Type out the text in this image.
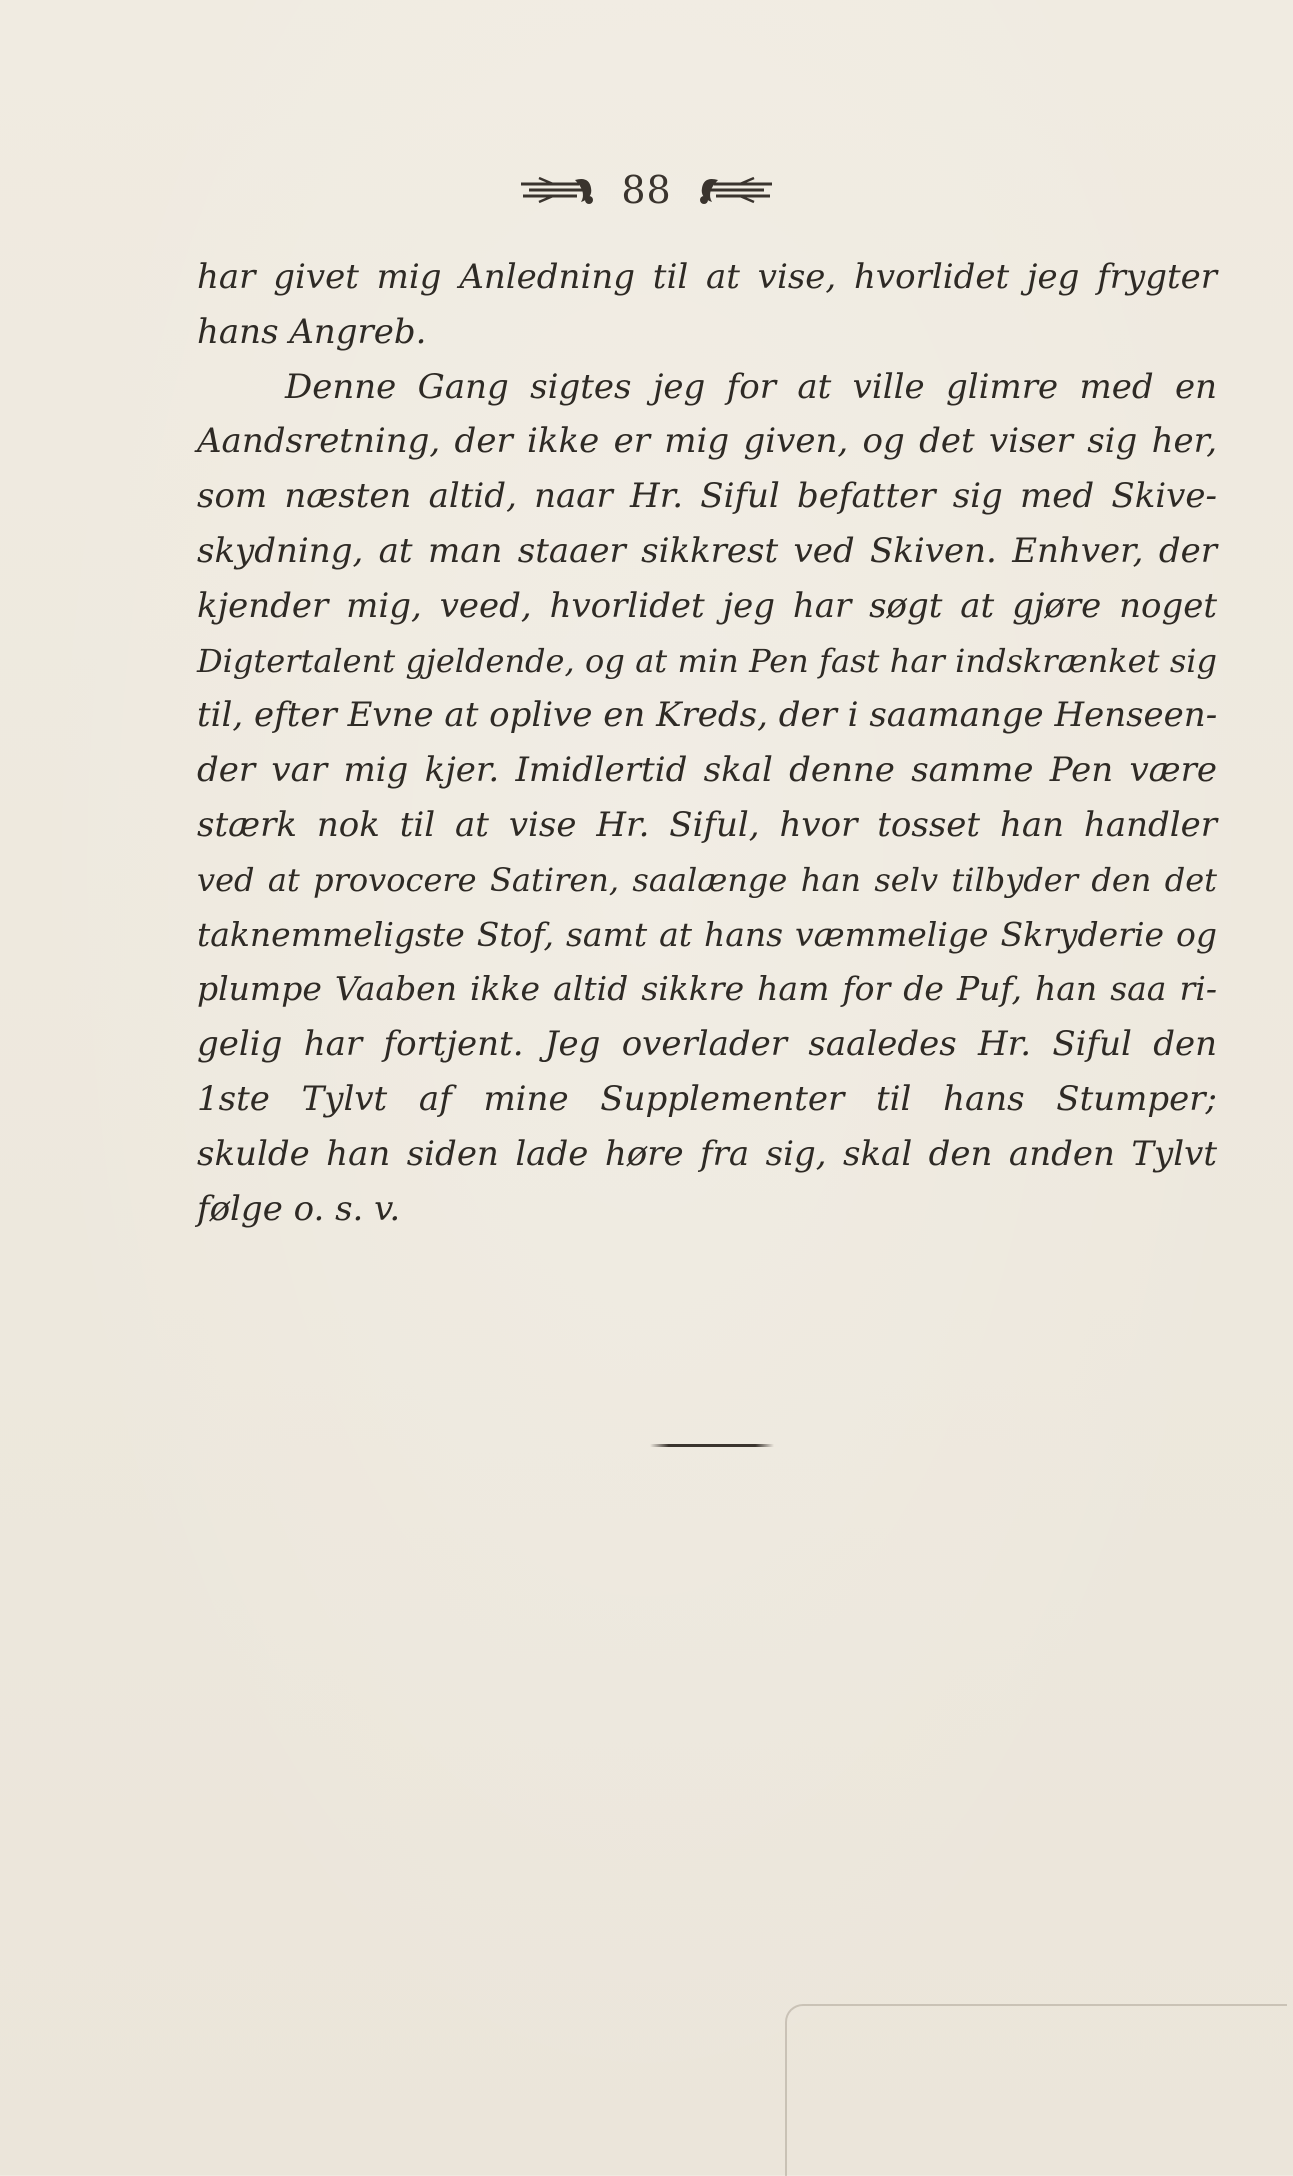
88
har givet mig Anledning til at vise, hvorlidet jeg frygter
hans Angreb.
Denne Gang sigtes jeg for at ville glimre med en
Aandsretning, der ikke er mig given, og det viser sig her,
som næsten altid, naar Hr. Siful befatter sig med Skive-
skydning, at man staaer sikkrest ved Skiven. Enhver, der
kjender mig, veed, hvorlidet jeg har søgt at gjøre noget
Digtertalent gjeldende, og at min Pen fast har indskrænket sig
til, efter Evne at oplive en Kreds, der i saamange Henseen-
der var mig kjer. Imidlertid skal denne samme Pen være
stærk nok til at vise Hr. Siful, hvor tosset han handler
ved at provocere Satiren, saalænge han selv tilbyder den det
taknemmeligste Stof, samt at hans væmmelige Skryderie og
plumpe Vaaben ikke altid sikkre ham for de Puf, han saa ri-
gelig har fortjent. Jeg overlader saaledes Hr. Siful den
1ste Tylvt af mine Supplementer til hans Stumper;
skulde han siden lade høre fra sig, skal den anden Tylvt
følge o. s. v.
